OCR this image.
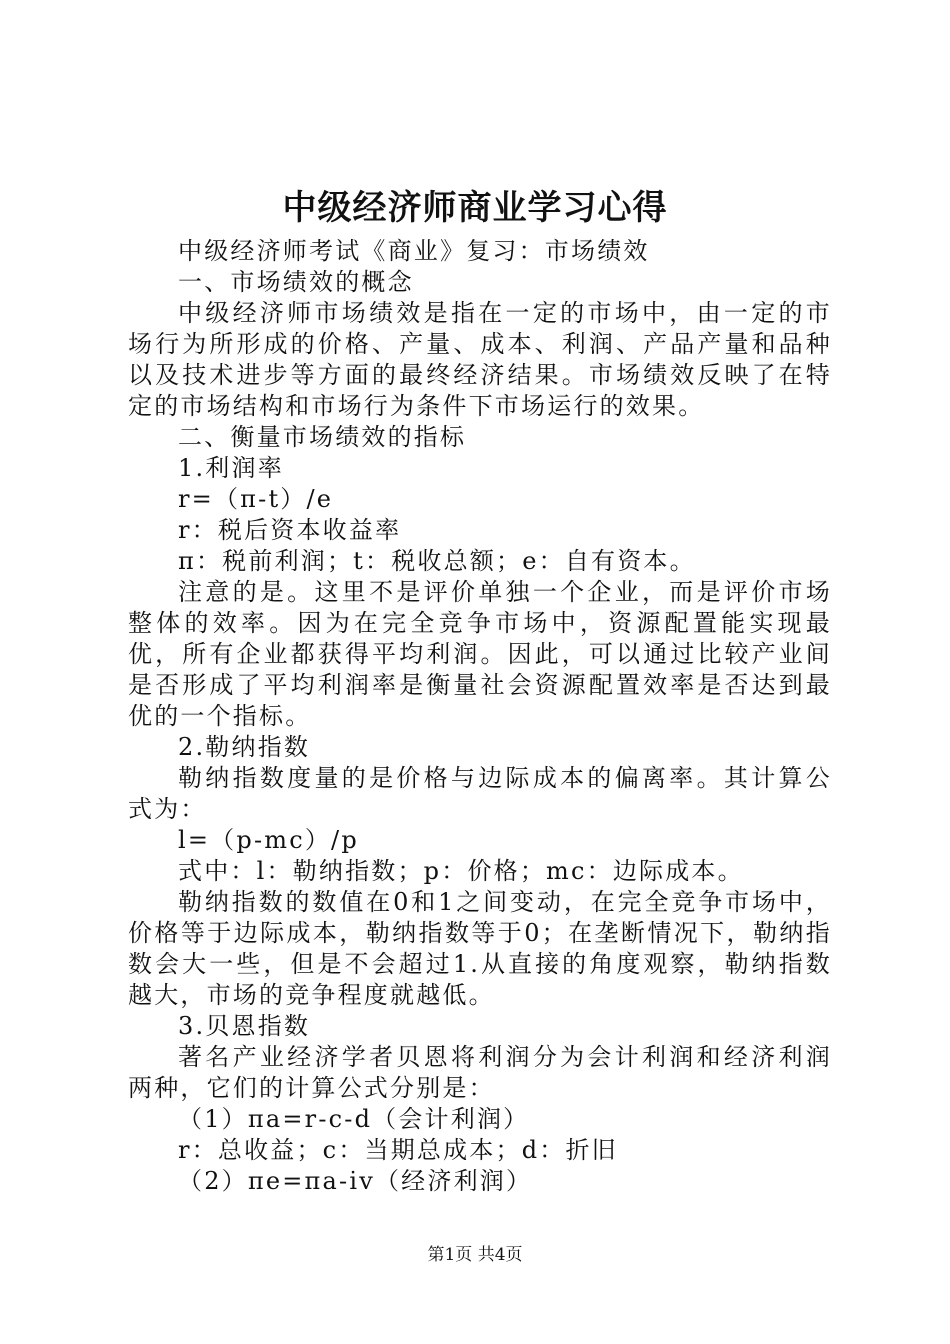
中级经济师商业学习心得

中级经济师考试《商业》复习：市场绩效

一、市场绩效的概念

中级经济师市场绩效是指在一定的市场中，由一定的市场行为所形成的价格、产量、成本、利润、产品产量和品种以及技术进步等方面的最终经济结果。市场绩效反映了在特定的市场结构和市场行为条件下市场运行的效果。

二、衡量市场绩效的指标

1.利润率

r=（π-t）/e

r：税后资本收益率

π：税前利润；t：税收总额；e：自有资本。

注意的是。这里不是评价单独一个企业，而是评价市场整体的效率。因为在完全竞争市场中，资源配置能实现最优，所有企业都获得平均利润。因此，可以通过比较产业间是否形成了平均利润率是衡量社会资源配置效率是否达到最优的一个指标。

2.勒纳指数

勒纳指数度量的是价格与边际成本的偏离率。其计算公式为：

l=（p-mc）/p

式中：l：勒纳指数；p：价格；mc：边际成本。

勒纳指数的数值在0和1之间变动，在完全竞争市场中，价格等于边际成本，勒纳指数等于0；在垄断情况下，勒纳指数会大一些，但是不会超过1.从直接的角度观察，勒纳指数越大，市场的竞争程度就越低。

3.贝恩指数

著名产业经济学者贝恩将利润分为会计利润和经济利润两种，它们的计算公式分别是：

（1）πa=r-c-d（会计利润）

r：总收益；c：当期总成本；d：折旧

（2）πe=πa-iv（经济利润）

第1页 共4页
